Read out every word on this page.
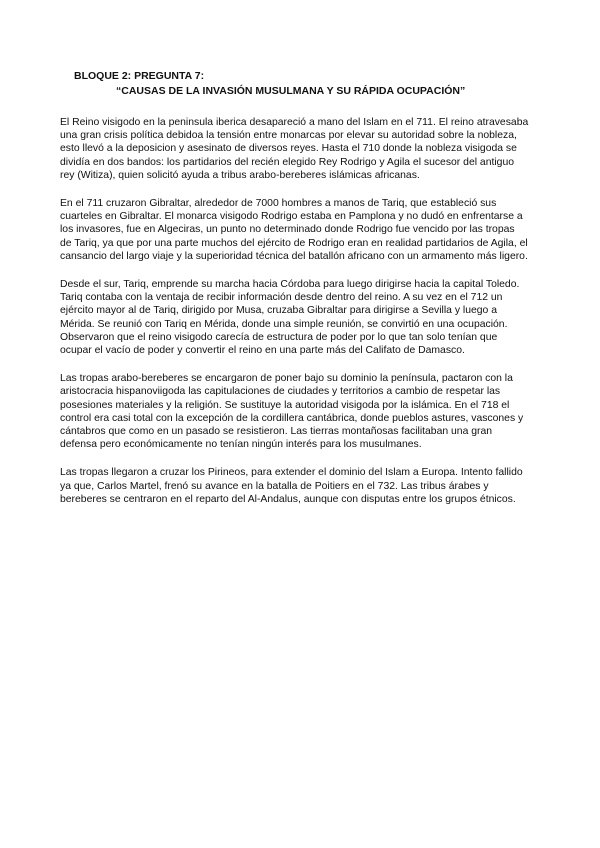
BLOQUE 2: PREGUNTA 7:
“CAUSAS DE LA INVASIÓN MUSULMANA Y SU RÁPIDA OCUPACIÓN”
El Reino visigodo en la peninsula iberica desapareció a mano del Islam en el 711. El reino atravesaba
una gran crisis política debidoa la tensión entre monarcas por elevar su autoridad sobre la nobleza,
esto llevó a la deposicion y asesinato de diversos reyes. Hasta el 710 donde la nobleza visigoda se
dividía en dos bandos: los partidarios del recién elegido Rey Rodrigo y Agila el sucesor del antiguo
rey (Witiza), quien solicitó ayuda a tribus arabo-bereberes islámicas africanas.
En el 711 cruzaron Gibraltar, alrededor de 7000 hombres a manos de Tariq, que estableció sus
cuarteles en Gibraltar. El monarca visigodo Rodrigo estaba en Pamplona y no dudó en enfrentarse a
los invasores, fue en Algeciras, un punto no determinado donde Rodrigo fue vencido por las tropas
de Tariq, ya que por una parte muchos del ejército de Rodrigo eran en realidad partidarios de Agila, el
cansancio del largo viaje y la superioridad técnica del batallón africano con un armamento más ligero.
Desde el sur, Tariq, emprende su marcha hacia Córdoba para luego dirigirse hacia la capital Toledo.
Tariq contaba con la ventaja de recibir información desde dentro del reino. A su vez en el 712 un
ejército mayor al de Tariq, dirigido por Musa, cruzaba Gibraltar para dirigirse a Sevilla y luego a
Mérida. Se reunió con Tariq en Mérida, donde una simple reunión, se convirtió en una ocupación.
Observaron que el reino visigodo carecía de estructura de poder por lo que tan solo tenían que
ocupar el vacío de poder y convertir el reino en una parte más del Califato de Damasco.
Las tropas arabo-bereberes se encargaron de poner bajo su dominio la península, pactaron con la
aristocracia hispanoviigoda las capitulaciones de ciudades y territorios a cambio de respetar las
posesiones materiales y la religión. Se sustituye la autoridad visigoda por la islámica. En el 718 el
control era casi total con la excepción de la cordillera cantábrica, donde pueblos astures, vascones y
cántabros que como en un pasado se resistieron. Las tierras montañosas facilitaban una gran
defensa pero económicamente no tenían ningún interés para los musulmanes.
Las tropas llegaron a cruzar los Pirineos, para extender el dominio del Islam a Europa. Intento fallido
ya que, Carlos Martel, frenó su avance en la batalla de Poitiers en el 732. Las tribus árabes y
bereberes se centraron en el reparto del Al-Andalus, aunque con disputas entre los grupos étnicos.
